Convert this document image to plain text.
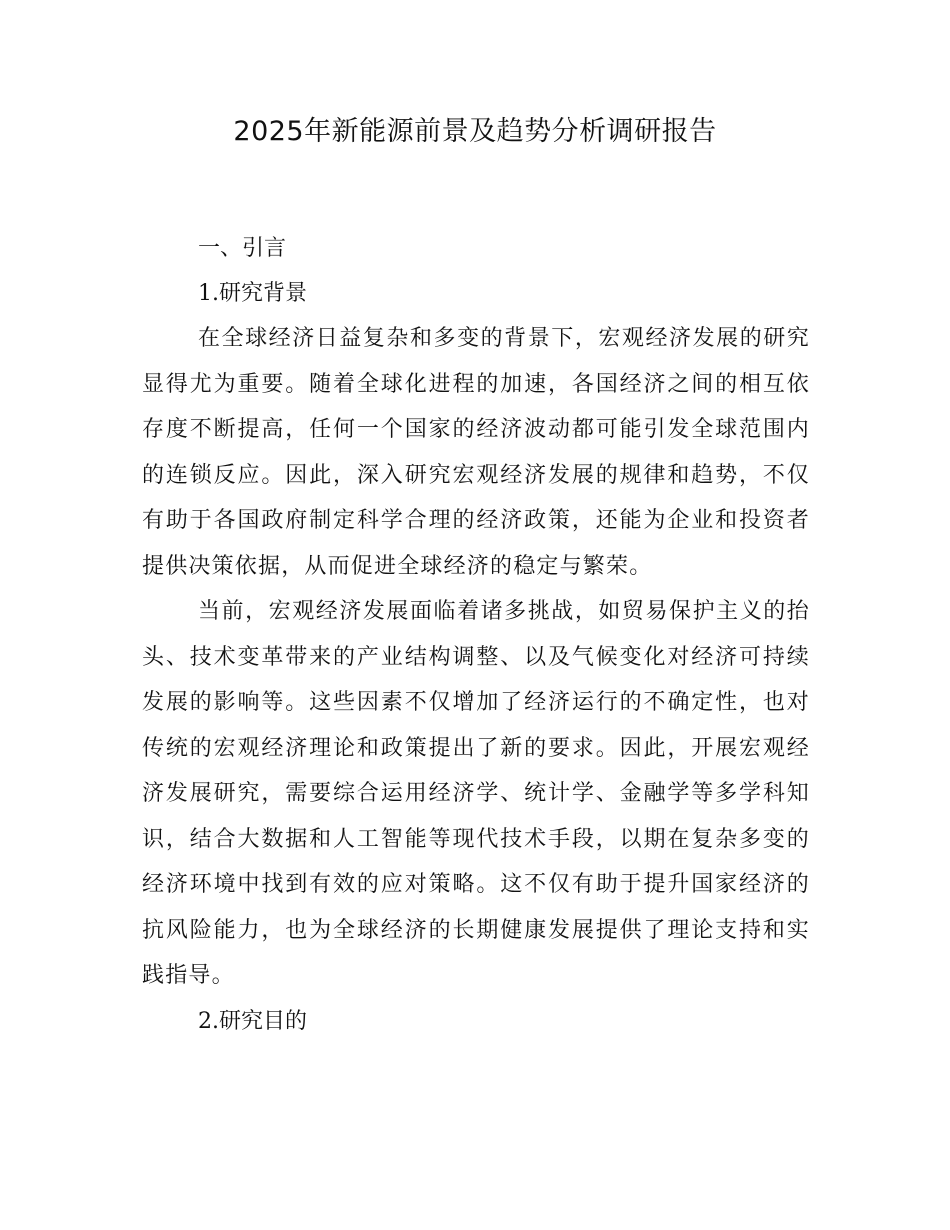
2025年新能源前景及趋势分析调研报告
一、引言
1.研究背景

在全球经济日益复杂和多变的背景下，宏观经济发展的研究显得尤为重要。随着全球化进程的加速，各国经济之间的相互依存度不断提高，任何一个国家的经济波动都可能引发全球范围内的连锁反应。因此，深入研究宏观经济发展的规律和趋势，不仅有助于各国政府制定科学合理的经济政策，还能为企业和投资者提供决策依据，从而促进全球经济的稳定与繁荣。

当前，宏观经济发展面临着诸多挑战，如贸易保护主义的抬头、技术变革带来的产业结构调整、以及气候变化对经济可持续发展的影响等。这些因素不仅增加了经济运行的不确定性，也对传统的宏观经济理论和政策提出了新的要求。因此，开展宏观经济发展研究，需要综合运用经济学、统计学、金融学等多学科知识，结合大数据和人工智能等现代技术手段，以期在复杂多变的经济环境中找到有效的应对策略。这不仅有助于提升国家经济的抗风险能力，也为全球经济的长期健康发展提供了理论支持和实践指导。

2.研究目的
